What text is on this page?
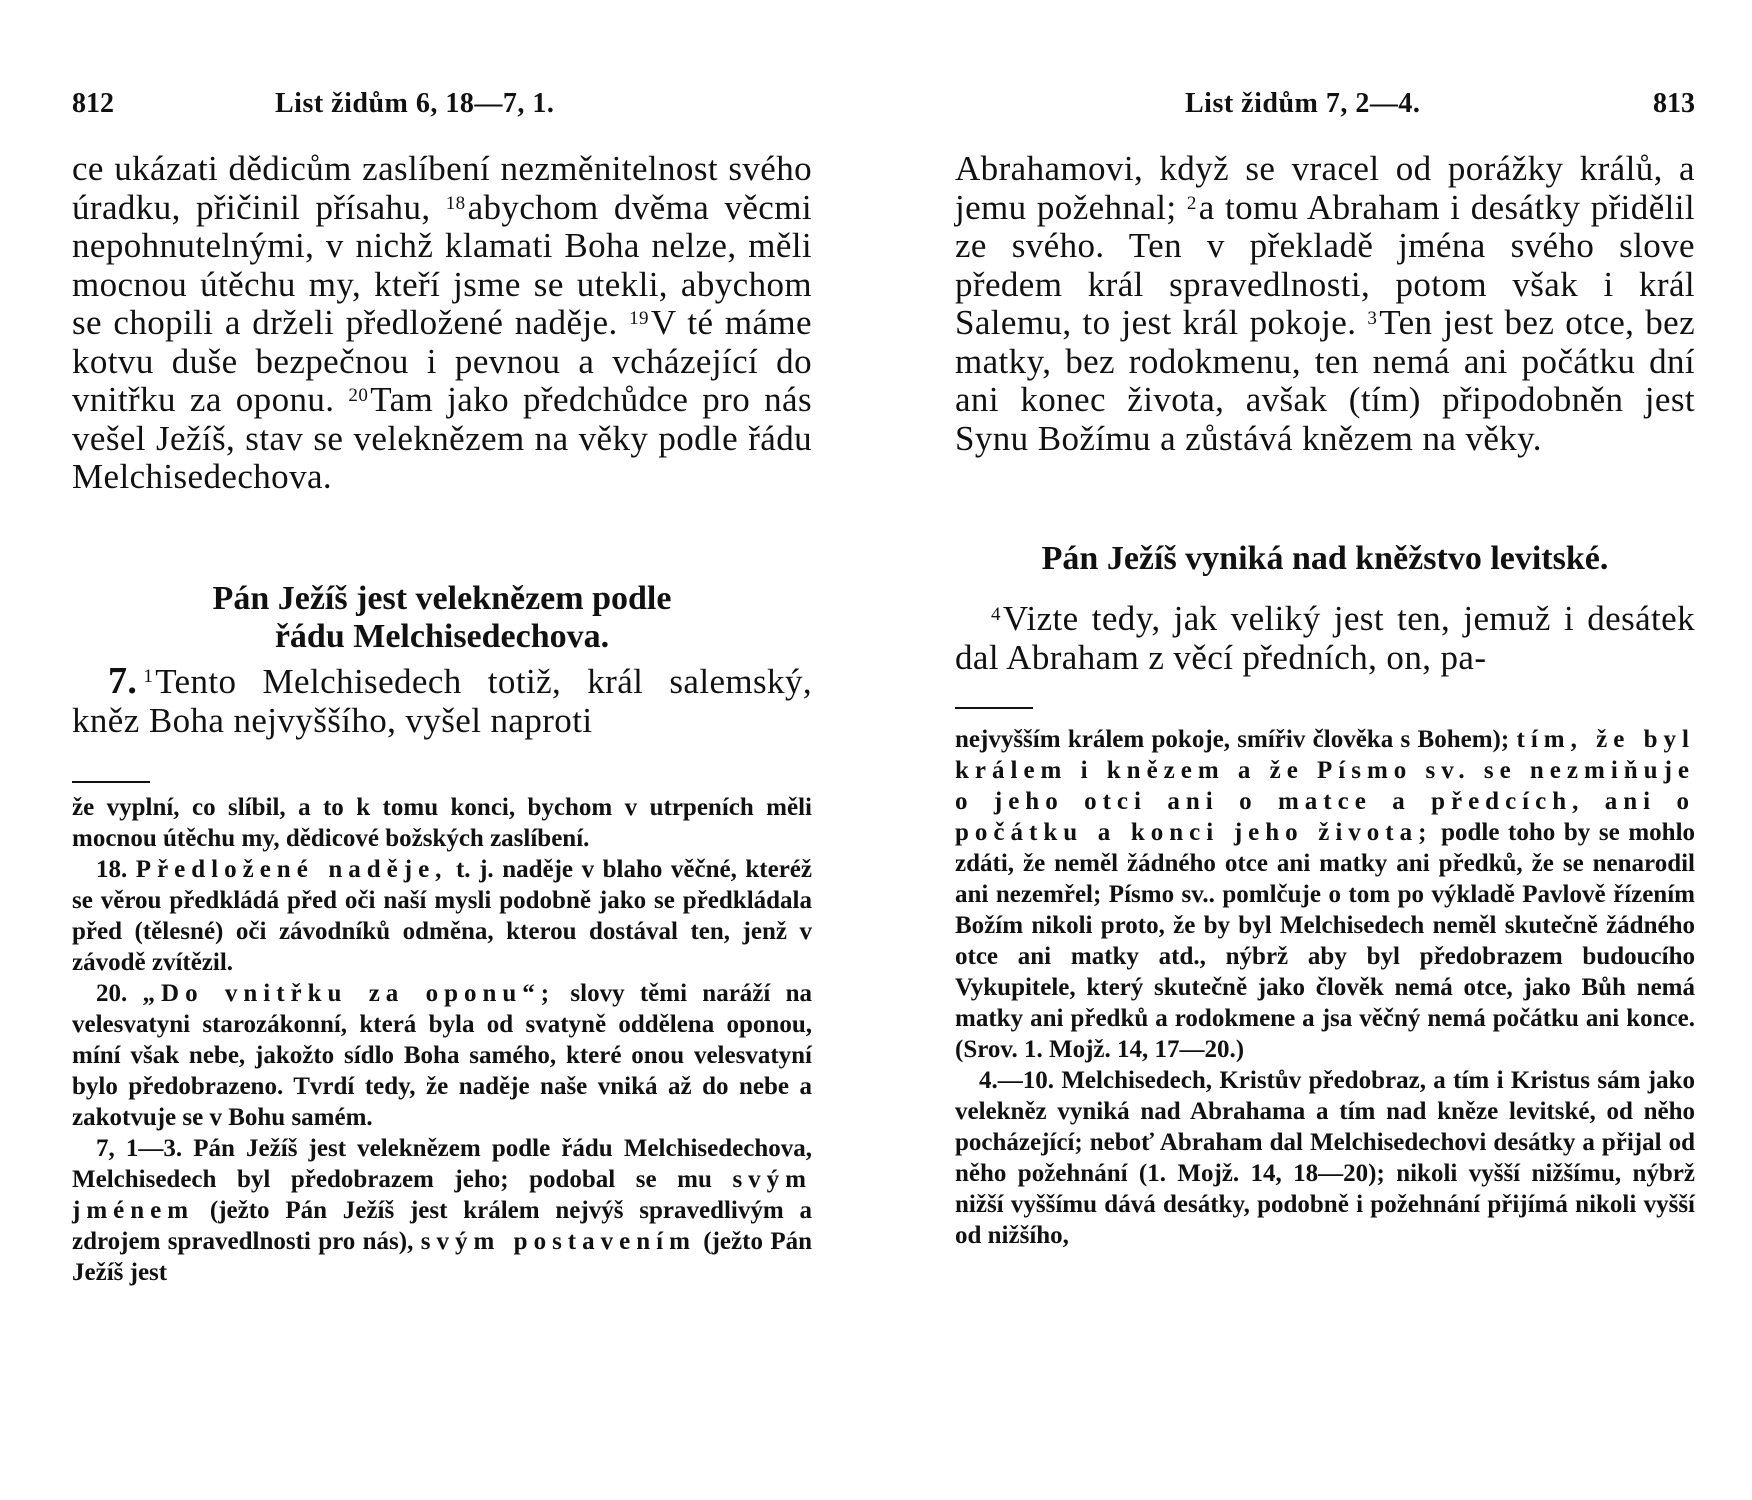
812	List židům 6, 18—7, 1.

ce ukázati dědicům zaslíbení nezměnitelnost svého úradku, přičinil přísahu, $^{18}$abychom dvěma věcmi nepohnutelnými, v nichž klamati Boha nelze, měli mocnou útěchu my, kteří jsme se utekli, abychom se chopili a drželi předložené naděje. $^{19}$V té máme kotvu duše bezpečnou i pevnou a vcházející do vnitřku za oponu. $^{20}$Tam jako předchůdce pro nás vešel Ježíš, stav se veleknězem na věky podle řádu Melchisedechova.

Pán Ježíš jest veleknězem podle
řádu Melchisedechova.

7. $^1$Tento Melchisedech totiž, král salemský, kněz Boha nejvyššího, vyšel naproti

že vyplní, co slíbil, a to k tomu konci, bychom v utrpeních měli mocnou útěchu my, dědicové božských zaslíbení.

18. Předložené naděje, t. j. naděje v blaho věčné, kteréž se věrou předkládá před oči naší mysli podobně jako se předkládala před (tělesné) oči závodníků odměna, kterou dostával ten, jenž v závodě zvítězil.

20. „Do vnitřku za oponu“; slovy těmi naráží na velesvatyni starozákonní, která byla od svatyně oddělena oponou, míní však nebe, jakožto sídlo Boha samého, které onou velesvatyní bylo předobrazeno. Tvrdí tedy, že naděje naše vniká až do nebe a zakotvuje se v Bohu samém.

7, 1—3. Pán Ježíš jest veleknězem podle řádu Melchisedechova, Melchisedech byl předobrazem jeho; podobal se mu svým jménem (ježto Pán Ježíš jest králem nejvýš spravedlivým a zdrojem spravedlnosti pro nás), svým postavením (ježto Pán Ježíš jest

List židům 7, 2—4.	813

Abrahamovi, když se vracel od porážky králů, a jemu požehnal; $^2$a tomu Abraham i desátky přidělil ze svého. Ten v překladě jména svého slove předem král spravedlnosti, potom však i král Salemu, to jest král pokoje. $^3$Ten jest bez otce, bez matky, bez rodokmenu, ten nemá ani počátku dní ani konec života, avšak (tím) připodobněn jest Synu Božímu a zůstává knězem na věky.

Pán Ježíš vyniká nad kněžstvo levitské.

$^4$Vizte tedy, jak veliký jest ten, jemuž i desátek dal Abraham z věcí předních, on, pa-

nejvyšším králem pokoje, smířiv člověka s Bohem); tím, že byl králem i knězem a že Písmo sv. se nezmiňuje o jeho otci ani o matce a předcích, ani o počátku a konci jeho života; podle toho by se mohlo zdáti, že neměl žádného otce ani matky ani předků, že se nenarodil ani nezemřel; Písmo sv.. pomlčuje o tom po výkladě Pavlově řízením Božím nikoli proto, že by byl Melchisedech neměl skutečně žádného otce ani matky atd., nýbrž aby byl předobrazem budoucího Vykupitele, který skutečně jako člověk nemá otce, jako Bůh nemá matky ani předků a rodokmene a jsa věčný nemá počátku ani konce. (Srov. 1. Mojž. 14, 17—20.)

4.—10. Melchisedech, Kristův předobraz, a tím i Kristus sám jako velekněz vyniká nad Abrahama a tím nad kněze levitské, od něho pocházející; neboť Abraham dal Melchisedechovi desátky a přijal od něho požehnání (1. Mojž. 14, 18—20); nikoli vyšší nižšímu, nýbrž nižší vyššímu dává desátky, podobně i požehnání přijímá nikoli vyšší od nižšího,
